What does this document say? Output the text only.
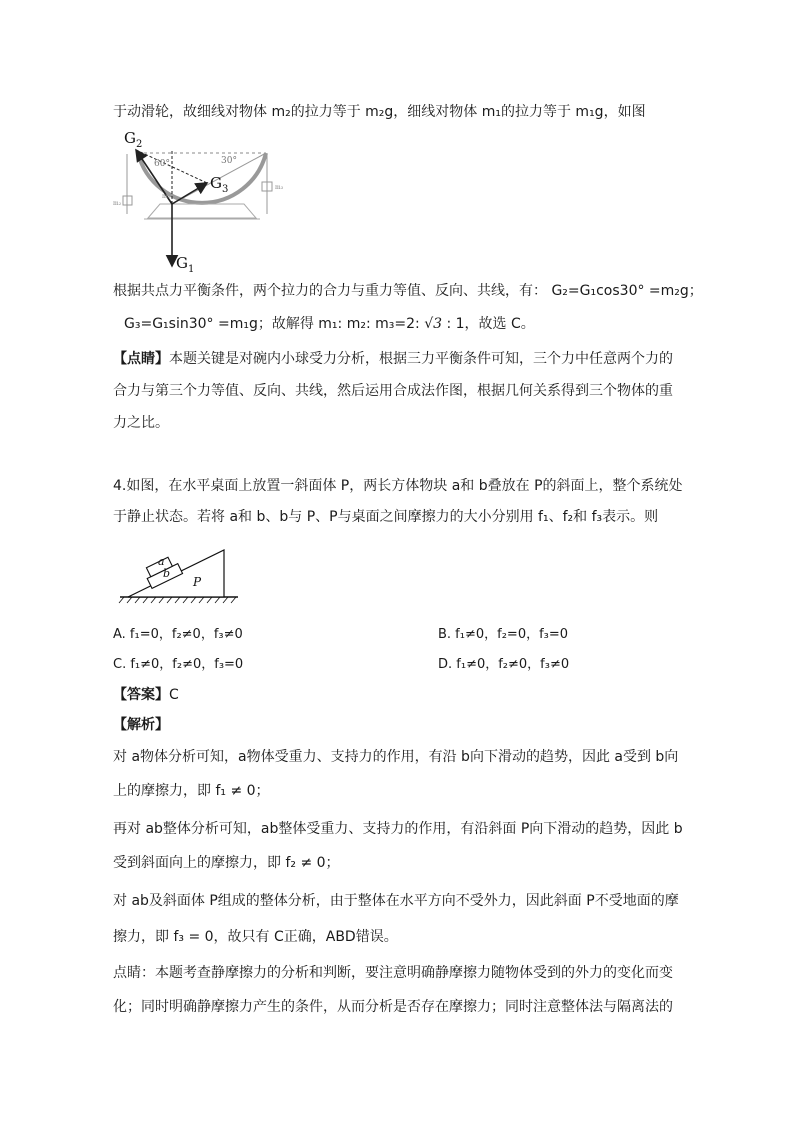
于动滑轮，故细线对物体 m₂的拉力等于 m₂g，细线对物体 m₁的拉力等于 m₁g，如图
$G_2$
$G_3$
$G_1$
60°	30°
m₁
m₂
m₃
根据共点力平衡条件，两个拉力的合力与重力等值、反向、共线，有： G₂=G₁cos30° =m₂g；
G₃=G₁sin30° =m₁g；故解得 m₁: m₂: m₃=2: √3 : 1，故选 C。
【点睛】本题关键是对碗内小球受力分析，根据三力平衡条件可知，三个力中任意两个力的
合力与第三个力等值、反向、共线，然后运用合成法作图，根据几何关系得到三个物体的重
力之比。
4.如图，在水平桌面上放置一斜面体 P，两长方体物块 a和 b叠放在 P的斜面上，整个系统处
于静止状态。若将 a和 b、b与 P、P与桌面之间摩擦力的大小分别用 f₁、f₂和 f₃表示。则
a
b
P
A. f₁=0，f₂≠0，f₃≠0	B. f₁≠0，f₂=0，f₃=0
C. f₁≠0，f₂≠0，f₃=0	D. f₁≠0，f₂≠0，f₃≠0
【答案】C
【解析】
对 a物体分析可知，a物体受重力、支持力的作用，有沿 b向下滑动的趋势，因此 a受到 b向
上的摩擦力，即 f₁ ≠ 0；
再对 ab整体分析可知，ab整体受重力、支持力的作用，有沿斜面 P向下滑动的趋势，因此 b
受到斜面向上的摩擦力，即 f₂ ≠ 0；
对 ab及斜面体 P组成的整体分析，由于整体在水平方向不受外力，因此斜面 P不受地面的摩
擦力，即 f₃ = 0，故只有 C正确，ABD错误。
点睛：本题考查静摩擦力的分析和判断，要注意明确静摩擦力随物体受到的外力的变化而变
化；同时明确静摩擦力产生的条件，从而分析是否存在摩擦力；同时注意整体法与隔离法的
